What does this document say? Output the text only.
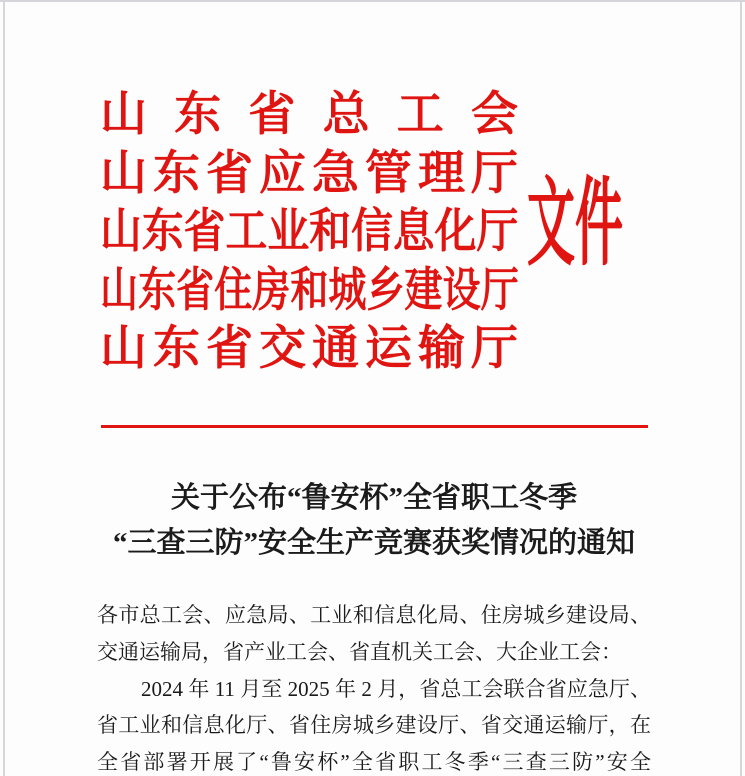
山东省总工会
山东省应急管理厅
山东省工业和信息化厅
山东省住房和城乡建设厅
山东省交通运输厅
文件
关于公布“鲁安杯”全省职工冬季
“三查三防”安全生产竞赛获奖情况的通知
各市总工会、应急局、工业和信息化局、住房城乡建设局、
交通运输局，省产业工会、省直机关工会、大企业工会：
2024 年 11 月至 2025 年 2 月，省总工会联合省应急厅、
省工业和信息化厅、省住房城乡建设厅、省交通运输厅，在
全省部署开展了“鲁安杯”全省职工冬季“三查三防”安全
